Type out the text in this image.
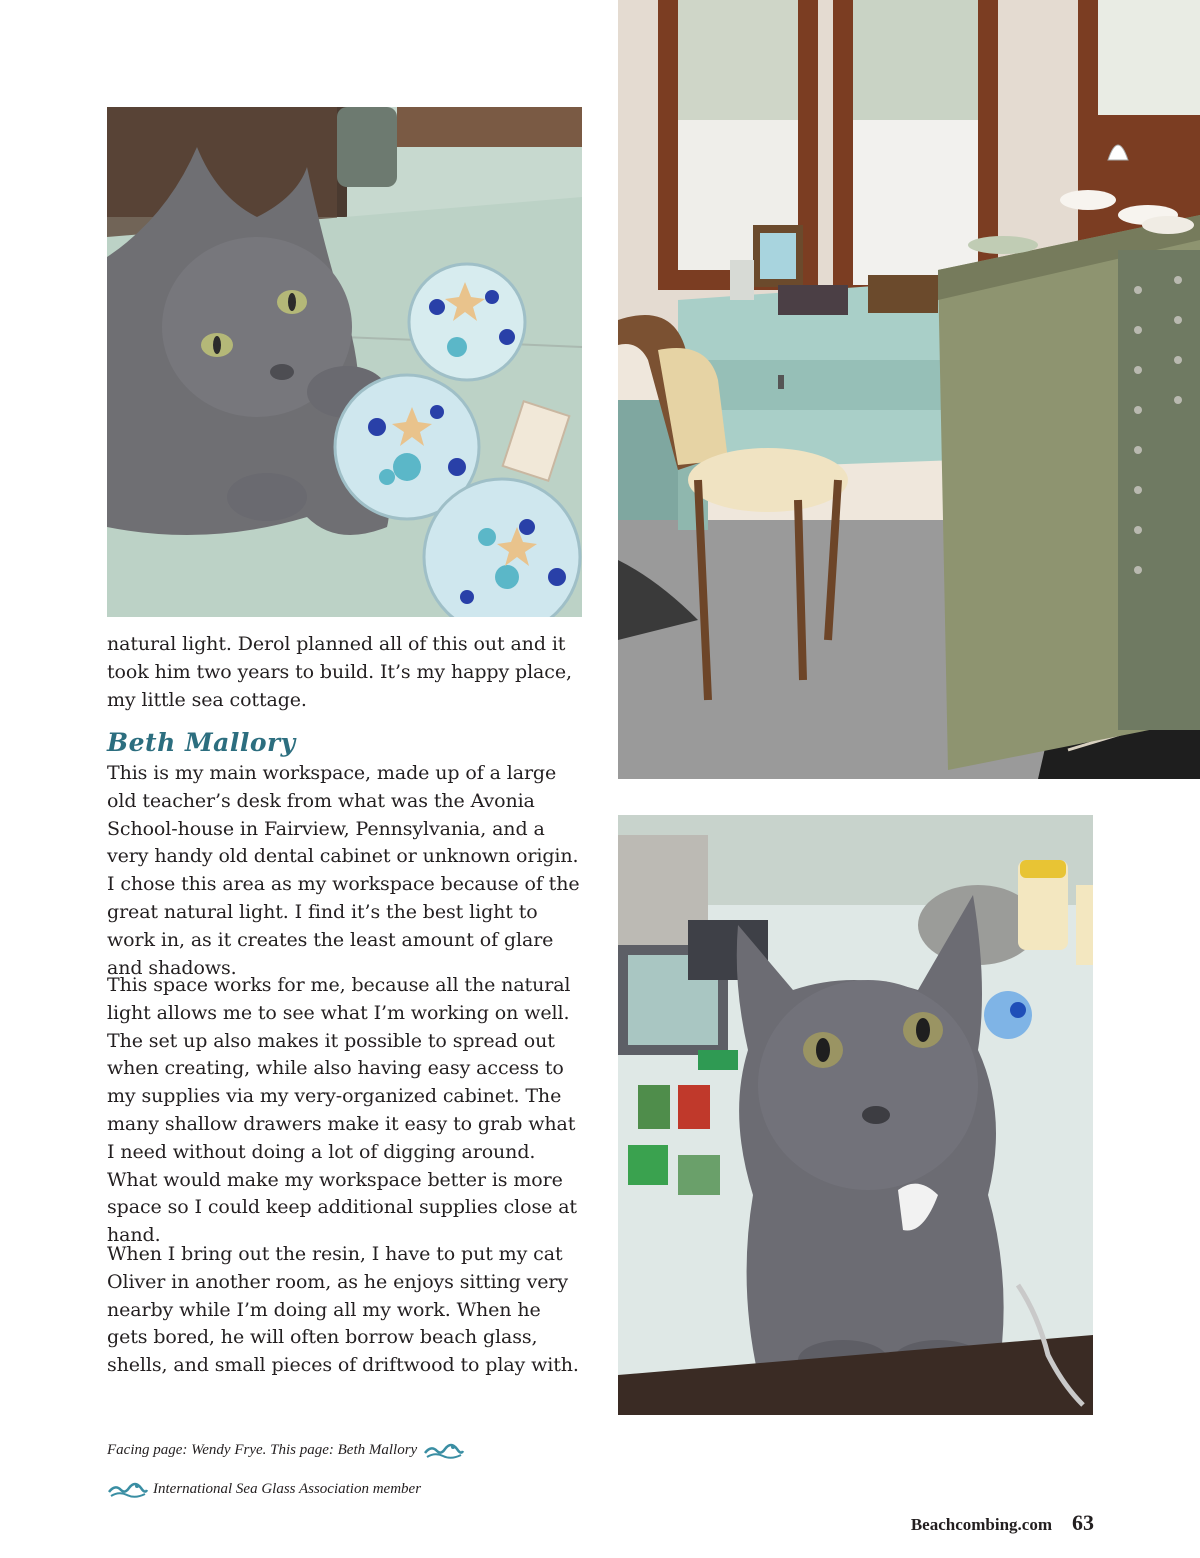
natural light. Derol planned all of this out and it took him two years to build. It’s my happy place, my little sea cottage.

Beth Mallory

This is my main workspace, made up of a large old teacher’s desk from what was the Avonia School-house in Fairview, Pennsylvania, and a very handy old dental cabinet or unknown origin. I chose this area as my workspace because of the great natural light. I find it’s the best light to work in, as it creates the least amount of glare and shadows.

This space works for me, because all the natural light allows me to see what I’m working on well. The set up also makes it possible to spread out when creating, while also having easy access to my supplies via my very-organized cabinet. The many shallow drawers make it easy to grab what I need without doing a lot of digging around. What would make my workspace better is more space so I could keep additional supplies close at hand.

When I bring out the resin, I have to put my cat Oliver in another room, as he enjoys sitting very nearby while I’m doing all my work. When he gets bored, he will often borrow beach glass, shells, and small pieces of driftwood to play with.

Facing page: Wendy Frye. This page: Beth Mallory
International Sea Glass Association member
Beachcombing.com 63
